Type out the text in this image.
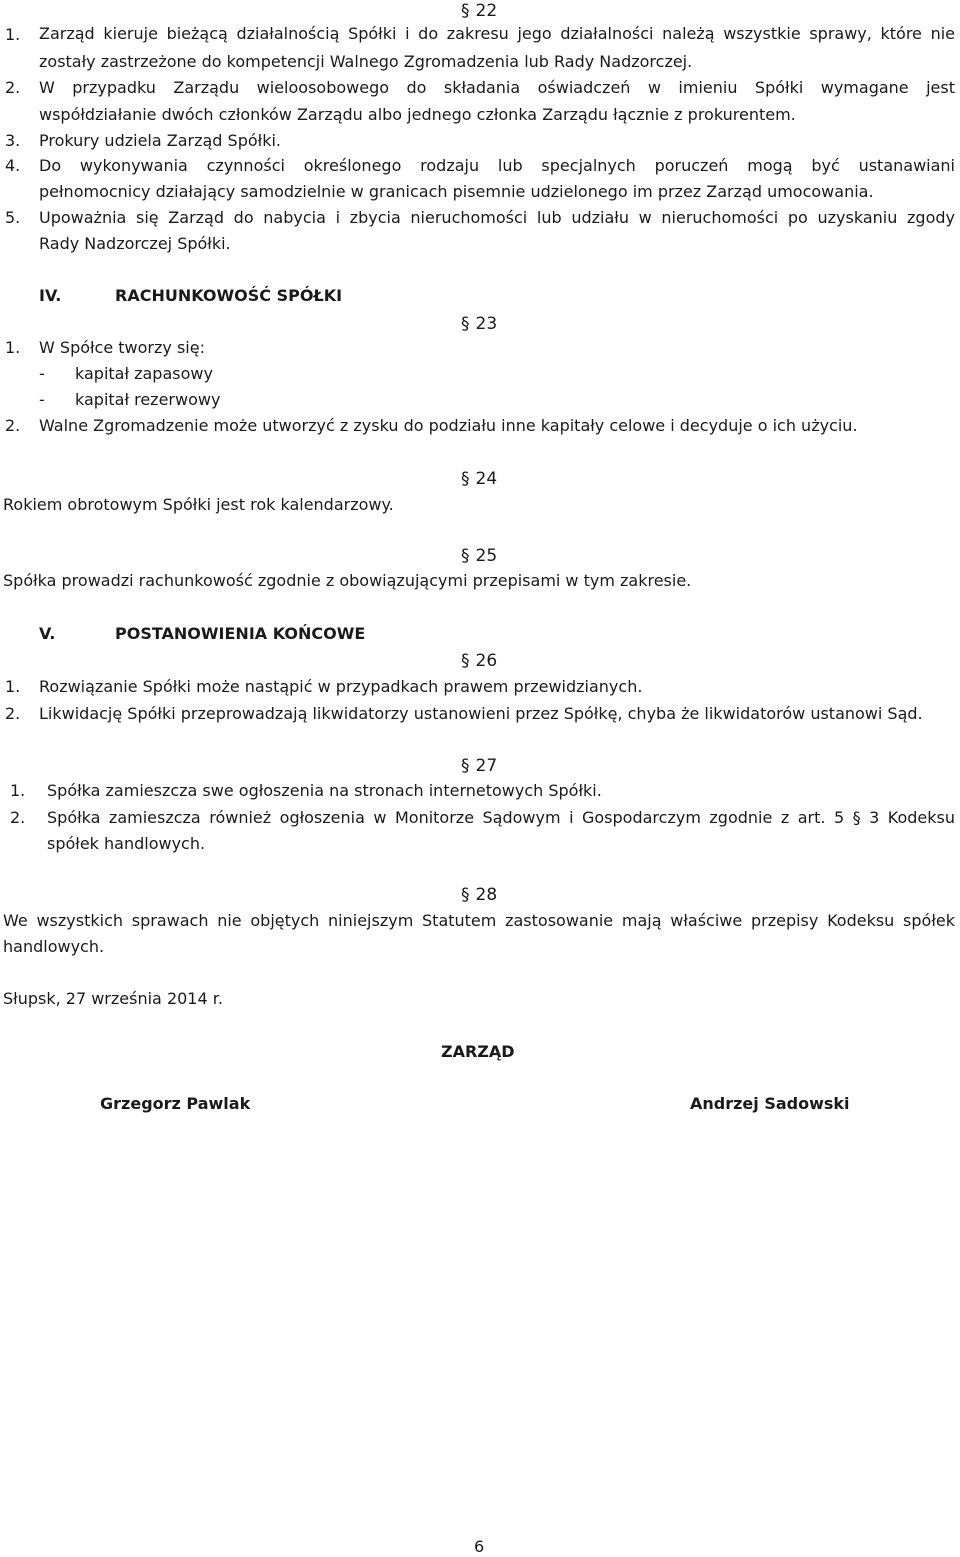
§ 22
1. Zarząd kieruje bieżącą działalnością Spółki i do zakresu jego działalności należą wszystkie sprawy, które nie
zostały zastrzeżone do kompetencji Walnego Zgromadzenia lub Rady Nadzorczej.
2. W przypadku Zarządu wieloosobowego do składania oświadczeń w imieniu Spółki wymagane jest
współdziałanie dwóch członków Zarządu albo jednego członka Zarządu łącznie z prokurentem.
3. Prokury udziela Zarząd Spółki.
4. Do wykonywania czynności określonego rodzaju lub specjalnych poruczeń mogą być ustanawiani
pełnomocnicy działający samodzielnie w granicach pisemnie udzielonego im przez Zarząd umocowania.
5. Upoważnia się Zarząd do nabycia i zbycia nieruchomości lub udziału w nieruchomości po uzyskaniu zgody
Rady Nadzorczej Spółki.
IV.	RACHUNKOWOŚĆ SPÓŁKI
§ 23
1. W Spółce tworzy się:
- kapitał zapasowy
- kapitał rezerwowy
2. Walne Zgromadzenie może utworzyć z zysku do podziału inne kapitały celowe i decyduje o ich użyciu.
§ 24
Rokiem obrotowym Spółki jest rok kalendarzowy.
§ 25
Spółka prowadzi rachunkowość zgodnie z obowiązującymi przepisami w tym zakresie.
V.	POSTANOWIENIA KOŃCOWE
§ 26
1. Rozwiązanie Spółki może nastąpić w przypadkach prawem przewidzianych.
2. Likwidację Spółki przeprowadzają likwidatorzy ustanowieni przez Spółkę, chyba że likwidatorów ustanowi Sąd.
§ 27
1. Spółka zamieszcza swe ogłoszenia na stronach internetowych Spółki.
2. Spółka zamieszcza również ogłoszenia w Monitorze Sądowym i Gospodarczym zgodnie z art. 5 § 3 Kodeksu
spółek handlowych.
§ 28
We wszystkich sprawach nie objętych niniejszym Statutem zastosowanie mają właściwe przepisy Kodeksu spółek
handlowych.
Słupsk, 27 września 2014 r.
ZARZĄD
Grzegorz Pawlak	Andrzej Sadowski
6
